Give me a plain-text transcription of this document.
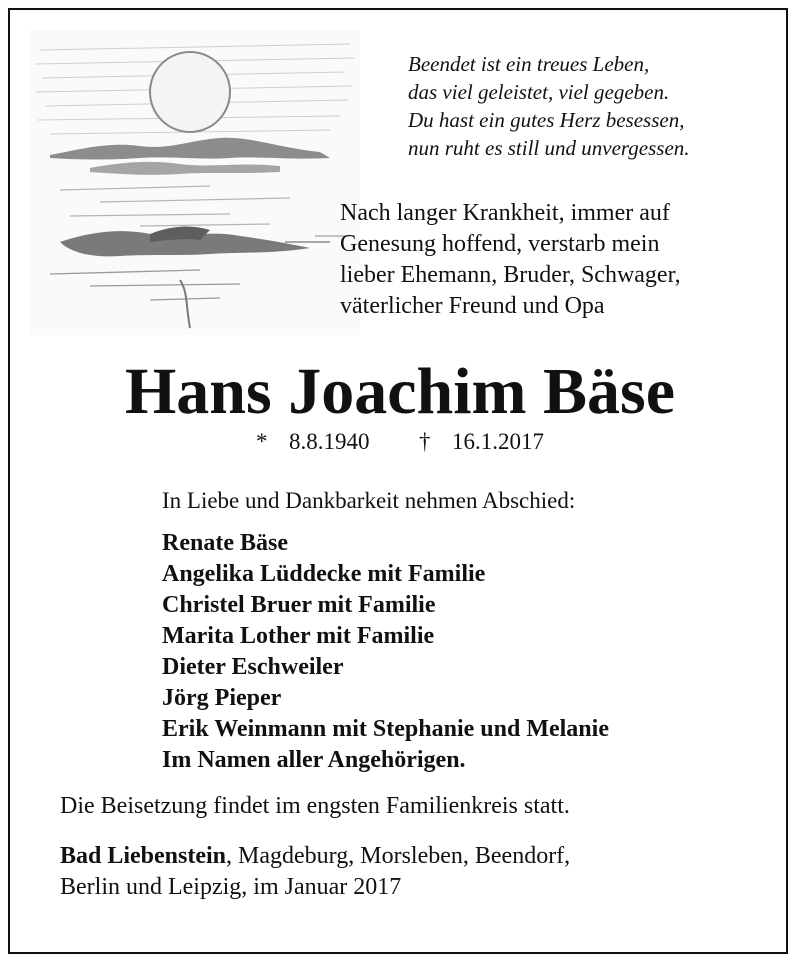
Beendet ist ein treues Leben,
das viel geleistet, viel gegeben.
Du hast ein gutes Herz besessen,
nun ruht es still und unvergessen.
Nach langer Krankheit, immer auf
Genesung hoffend, verstarb mein
lieber Ehemann, Bruder, Schwager,
väterlicher Freund und Opa
Hans Joachim Bäse
* 8.8.1940 † 16.1.2017
In Liebe und Dankbarkeit nehmen Abschied:
Renate Bäse
Angelika Lüddecke mit Familie
Christel Bruer mit Familie
Marita Lother mit Familie
Dieter Eschweiler
Jörg Pieper
Erik Weinmann mit Stephanie und Melanie
Im Namen aller Angehörigen.
Die Beisetzung findet im engsten Familienkreis statt.
Bad Liebenstein, Magdeburg, Morsleben, Beendorf,
Berlin und Leipzig, im Januar 2017
